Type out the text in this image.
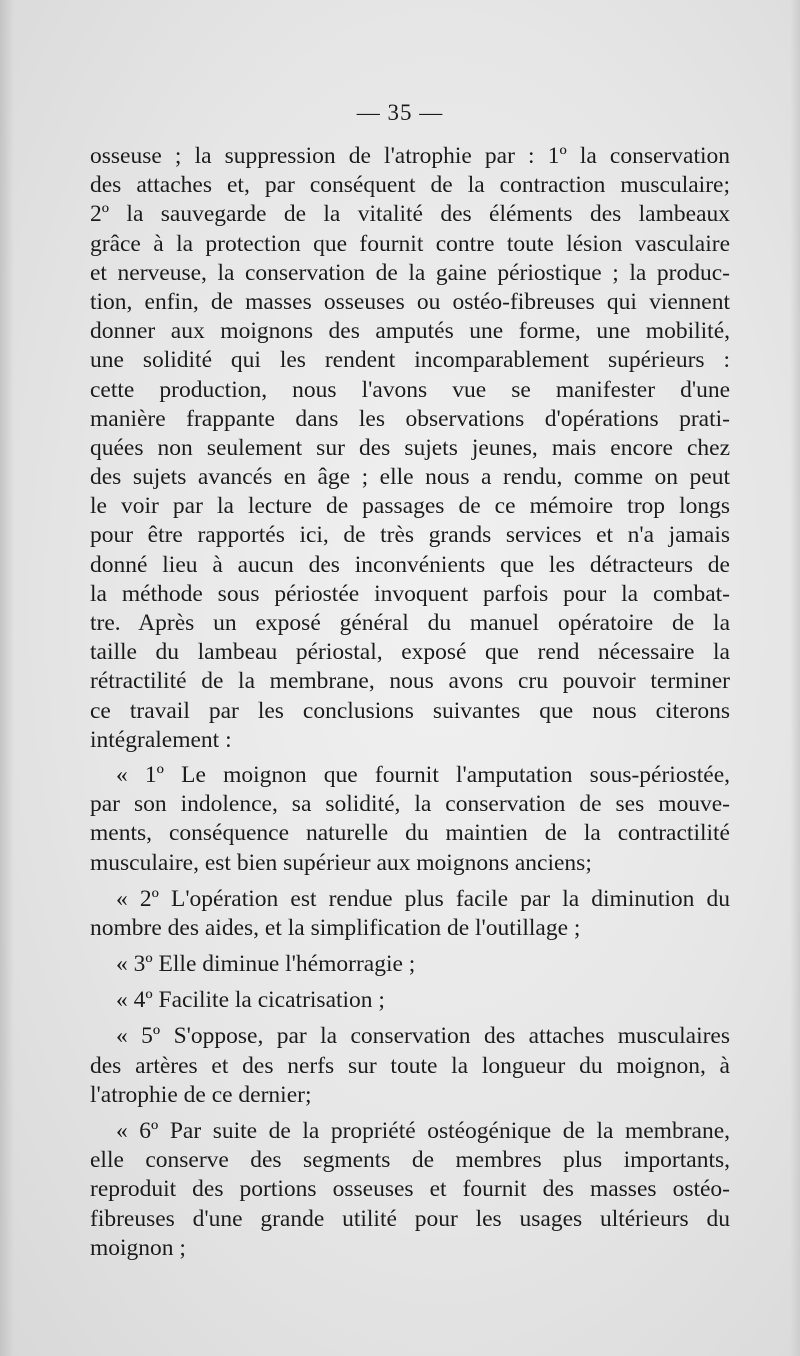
— 35 —
osseuse ; la suppression de l'atrophie par : 1º la conservation
des attaches et, par conséquent de la contraction musculaire;
2º la sauvegarde de la vitalité des éléments des lambeaux
grâce à la protection que fournit contre toute lésion vasculaire
et nerveuse, la conservation de la gaine périostique ; la produc-
tion, enfin, de masses osseuses ou ostéo-fibreuses qui viennent
donner aux moignons des amputés une forme, une mobilité,
une solidité qui les rendent incomparablement supérieurs :
cette production, nous l'avons vue se manifester d'une
manière frappante dans les observations d'opérations prati-
quées non seulement sur des sujets jeunes, mais encore chez
des sujets avancés en âge ; elle nous a rendu, comme on peut
le voir par la lecture de passages de ce mémoire trop longs
pour être rapportés ici, de très grands services et n'a jamais
donné lieu à aucun des inconvénients que les détracteurs de
la méthode sous périostée invoquent parfois pour la combat-
tre. Après un exposé général du manuel opératoire de la
taille du lambeau périostal, exposé que rend nécessaire la
rétractilité de la membrane, nous avons cru pouvoir terminer
ce travail par les conclusions suivantes que nous citerons
intégralement :
« 1º Le moignon que fournit l'amputation sous-périostée,
par son indolence, sa solidité, la conservation de ses mouve-
ments, conséquence naturelle du maintien de la contractilité
musculaire, est bien supérieur aux moignons anciens;
« 2º L'opération est rendue plus facile par la diminution du
nombre des aides, et la simplification de l'outillage ;
« 3º Elle diminue l'hémorragie ;
« 4º Facilite la cicatrisation ;
« 5º S'oppose, par la conservation des attaches musculaires
des artères et des nerfs sur toute la longueur du moignon, à
l'atrophie de ce dernier;
« 6º Par suite de la propriété ostéogénique de la membrane,
elle conserve des segments de membres plus importants,
reproduit des portions osseuses et fournit des masses ostéo-
fibreuses d'une grande utilité pour les usages ultérieurs du
moignon ;
